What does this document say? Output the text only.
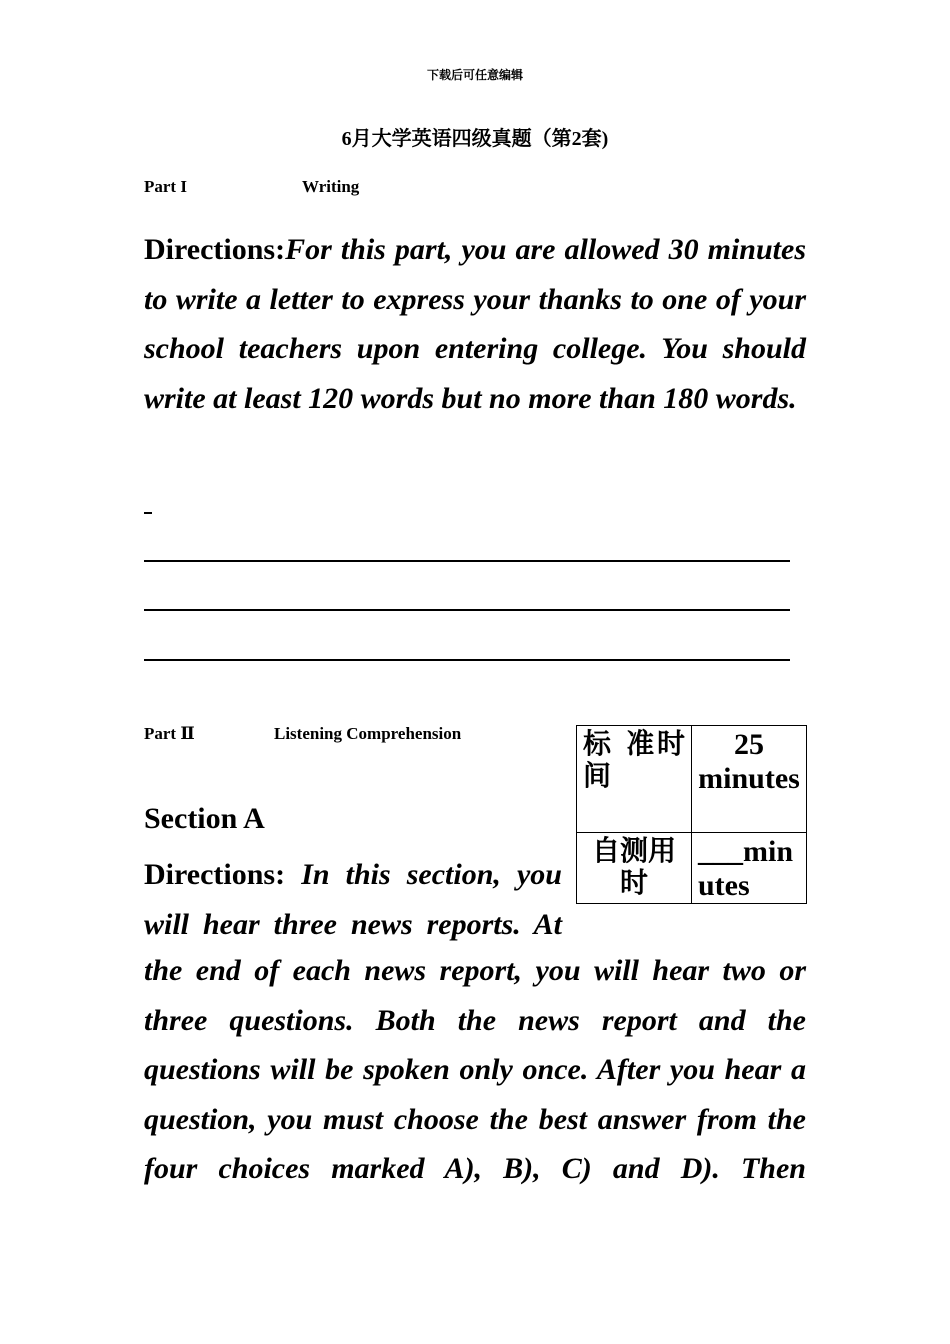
下载后可任意编辑
6月大学英语四级真题（第2套)
Part I	Writing
Directions:For this part, you are allowed 30 minutes to write a letter to express your thanks to one of your school teachers upon entering college. You should write at least 120 words but no more than 180 words.
Part Ⅱ	Listening Comprehension	标 准时间	25 minutes
自测用时	___minutes
Section A
Directions: In this section, you will hear three news reports. At
the end of each news report, you will hear two or three questions. Both the news report and the questions will be spoken only once. After you hear a question, you must choose the best answer from the four choices marked A), B), C) and D). Then
